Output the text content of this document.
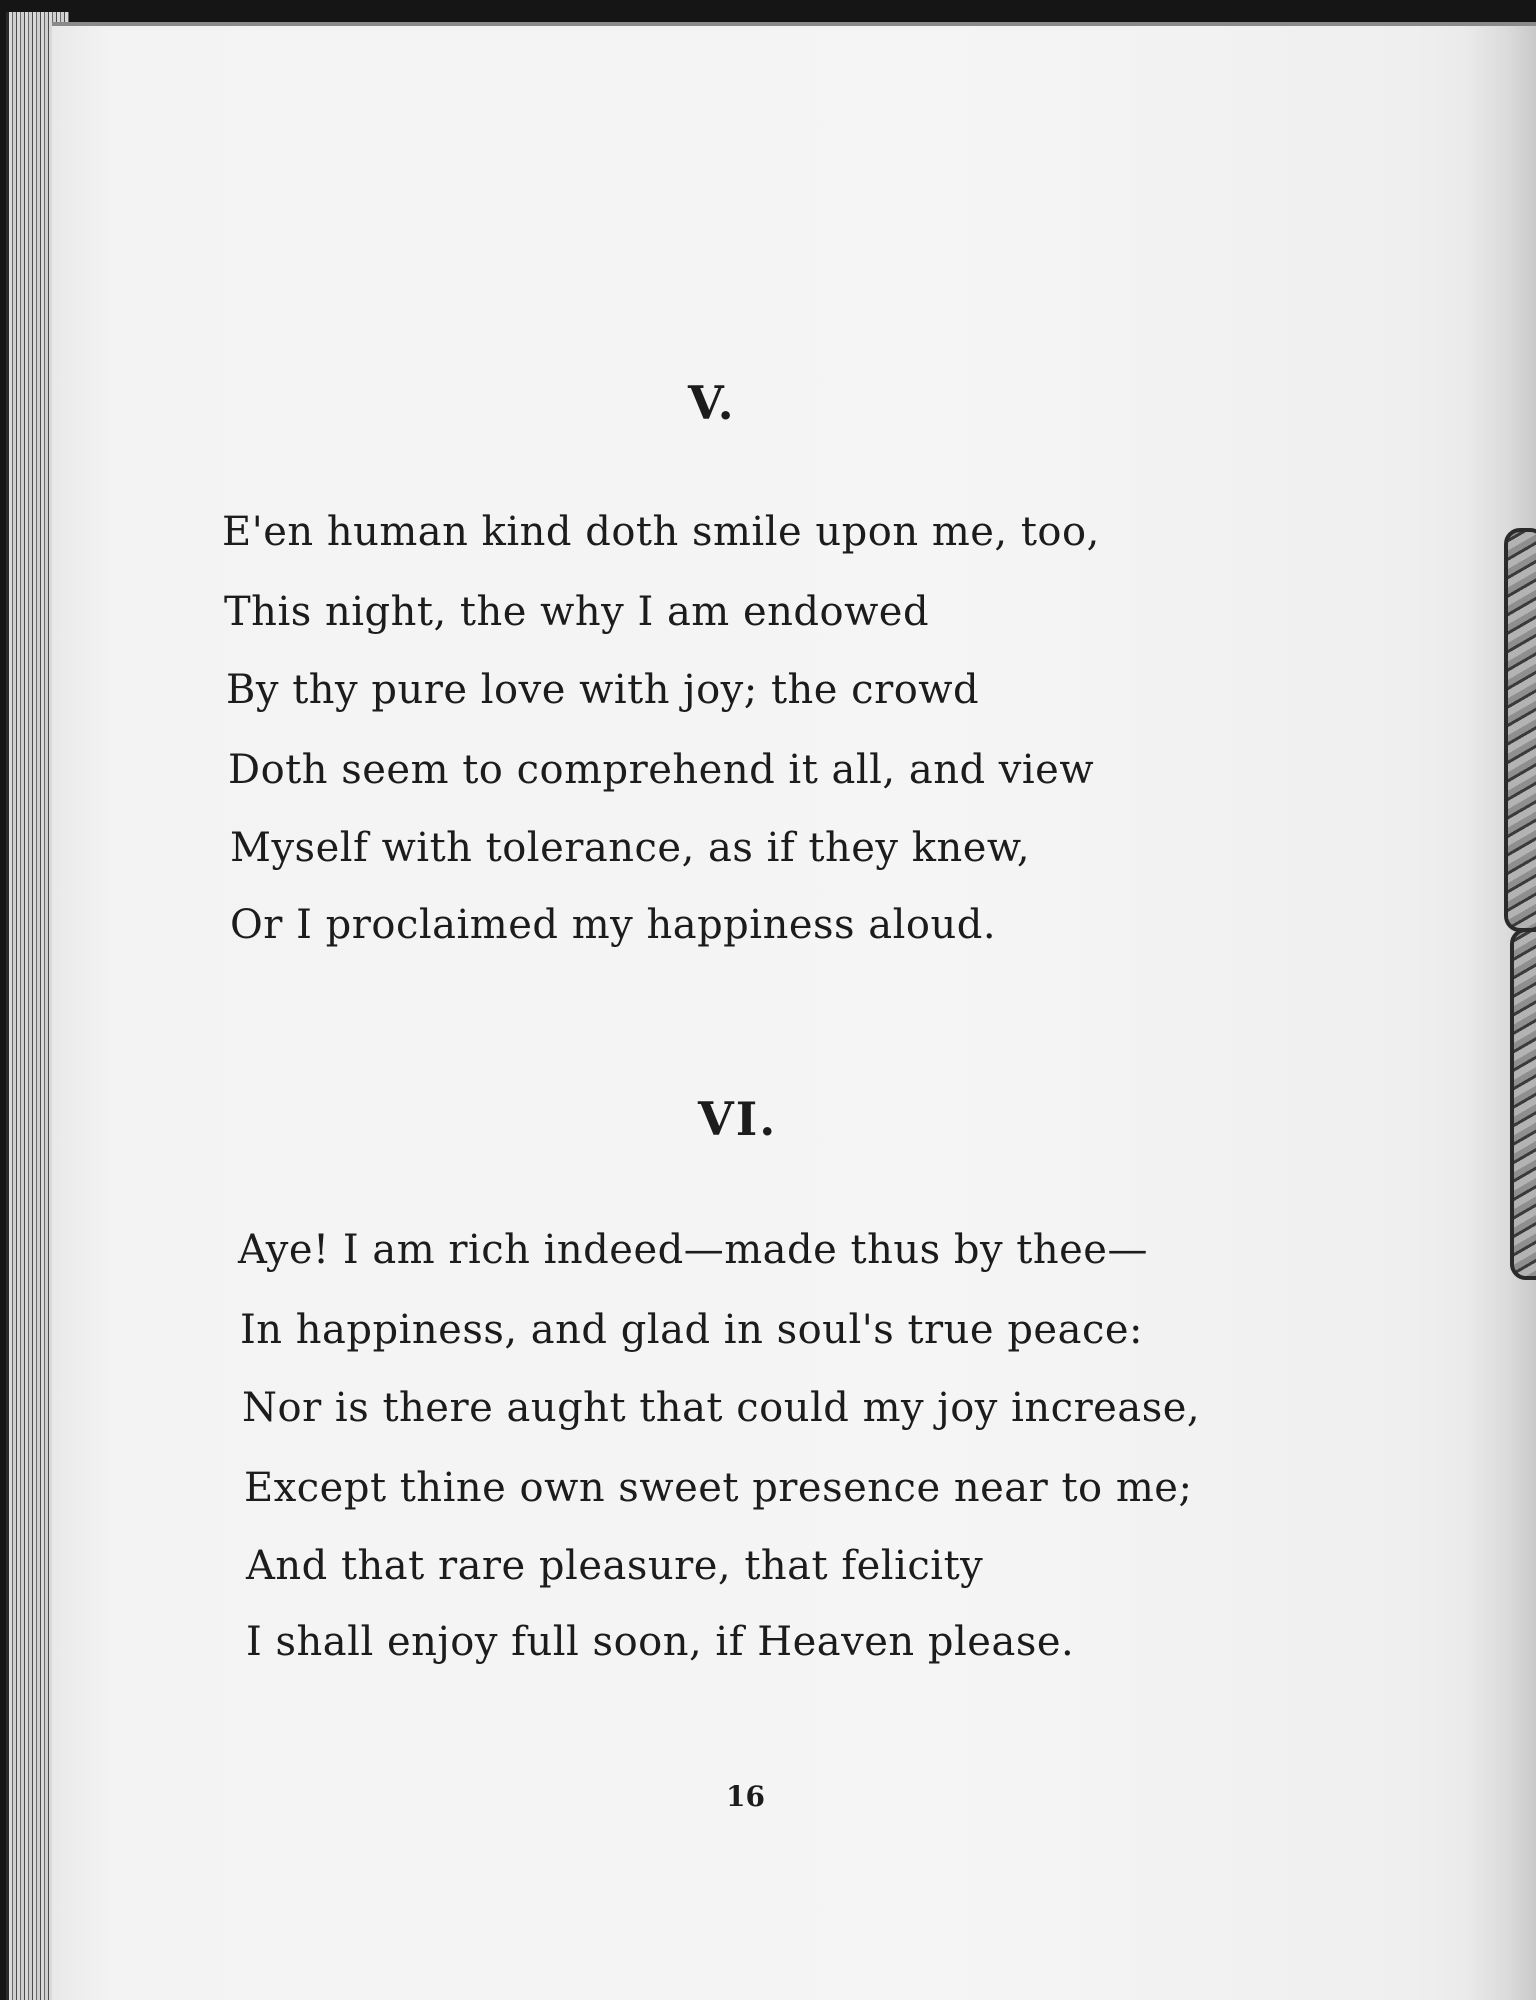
V.
E'en human kind doth smile upon me, too,
This night, the why I am endowed
By thy pure love with joy; the crowd
Doth seem to comprehend it all, and view
Myself with tolerance, as if they knew,
Or I proclaimed my happiness aloud.
VI.
Aye! I am rich indeed—made thus by thee—
In happiness, and glad in soul's true peace:
Nor is there aught that could my joy increase,
Except thine own sweet presence near to me;
And that rare pleasure, that felicity
I shall enjoy full soon, if Heaven please.
16
